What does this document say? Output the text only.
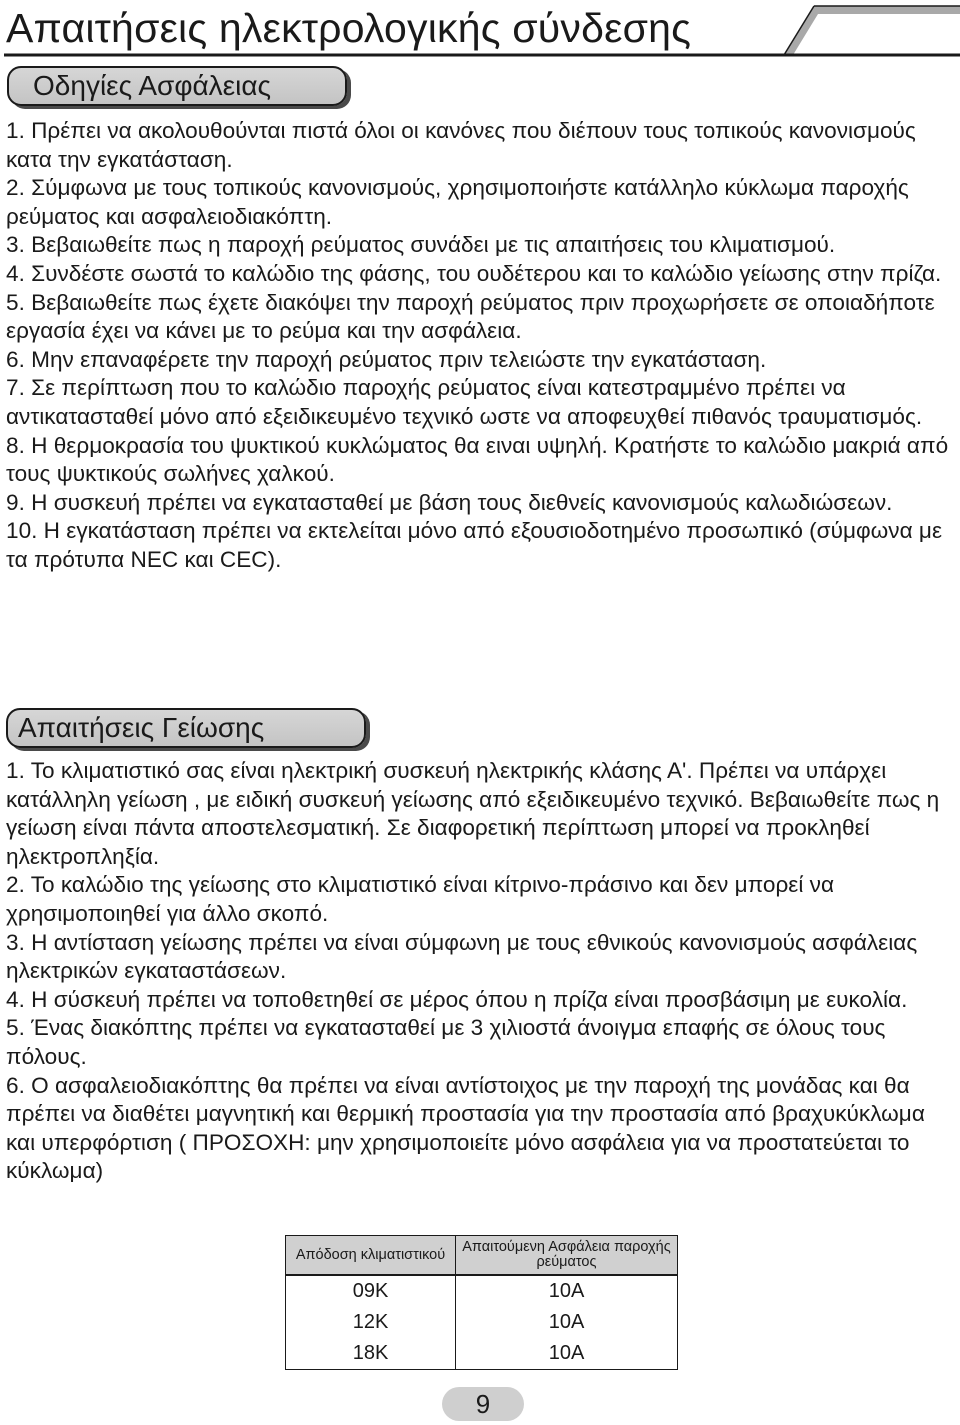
Απαιτήσεις ηλεκτρολογικής σύνδεσης
Οδηγίες Ασφάλειας

1. Πρέπει να ακολουθούνται πιστά όλοι οι κανόνες που διέπουν τους τοπικούς κανονισμούς κατα την εγκατάσταση.

2. Σύμφωνα με τους τοπικούς κανονισμούς, χρησιμοποιήστε κατάλληλο κύκλωμα παροχής ρεύματος και ασφαλειοδιακόπτη.

3. Βεβαιωθείτε πως η παροχή ρεύματος συνάδει με τις απαιτήσεις του κλιματισμού.

4. Συνδέστε σωστά το καλώδιο της φάσης, του ουδέτερου και το καλώδιο γείωσης στην πρίζα.

5. Βεβαιωθείτε πως έχετε διακόψει την παροχή ρεύματος πριν προχωρήσετε σε οποιαδήποτε εργασία έχει να κάνει με το ρεύμα και την ασφάλεια.

6. Μην επαναφέρετε την παροχή ρεύματος πριν τελειώστε την εγκατάσταση.

7. Σε περίπτωση που το καλώδιο παροχής ρεύματος είναι κατεστραμμένο πρέπει να αντικατασταθεί μόνο από εξειδικευμένο τεχνικό ωστε να αποφευχθεί πιθανός τραυματισμός.

8. Η θερμοκρασία του ψυκτικού κυκλώματος θα ειναι υψηλή. Κρατήστε το καλώδιο μακριά από τους ψυκτικούς σωλήνες χαλκού.

9. Η συσκευή πρέπει να εγκατασταθεί με βάση τους διεθνείς κανονισμούς καλωδιώσεων.

10. Η εγκατάσταση πρέπει να εκτελείται μόνο από εξουσιοδοτημένο προσωπικό (σύμφωνα με τα πρότυπα NEC και CEC).

Απαιτήσεις Γείωσης

1. Το κλιματιστικό σας είναι ηλεκτρική συσκευή ηλεκτρικής κλάσης Α'. Πρέπει να υπάρχει κατάλληλη γείωση , με ειδική συσκευή γείωσης από εξειδικευμένο τεχνικό. Βεβαιωθείτε πως η γείωση είναι πάντα αποστελεσματική. Σε διαφορετική περίπτωση μπορεί να προκληθεί ηλεκτροπληξία.

2. Το καλώδιο της γείωσης στο κλιματιστικό είναι κίτρινο-πράσινο και δεν μπορεί να χρησιμοποιηθεί για άλλο σκοπό.

3. Η αντίσταση γείωσης πρέπει να είναι σύμφωνη με τους εθνικούς κανονισμούς ασφάλειας ηλεκτρικών εγκαταστάσεων.

4. Η σύσκευή πρέπει να τοποθετηθεί σε μέρος όπου η πρίζα είναι προσβάσιμη με ευκολία.

5. Ένας διακόπτης πρέπει να εγκατασταθεί με 3 χιλιοστά άνοιγμα επαφής σε όλους τους πόλους.

6. Ο ασφαλειοδιακόπτης θα πρέπει να είναι αντίστοιχος με την παροχή της μονάδας και θα πρέπει να διαθέτει μαγνητική και θερμική προστασία για την προστασία από βραχυκύκλωμα και υπερφόρτιση ( ΠΡΟΣΟΧΗ: μην χρησιμοποιείτε μόνο ασφάλεια για να προστατεύεται το κύκλωμα)

Απόδοση κλιματιστικού	Απαιτούμενη Ασφάλεια παροχής ρεύματος
09K	10A
12K	10A
18K	10A
9
